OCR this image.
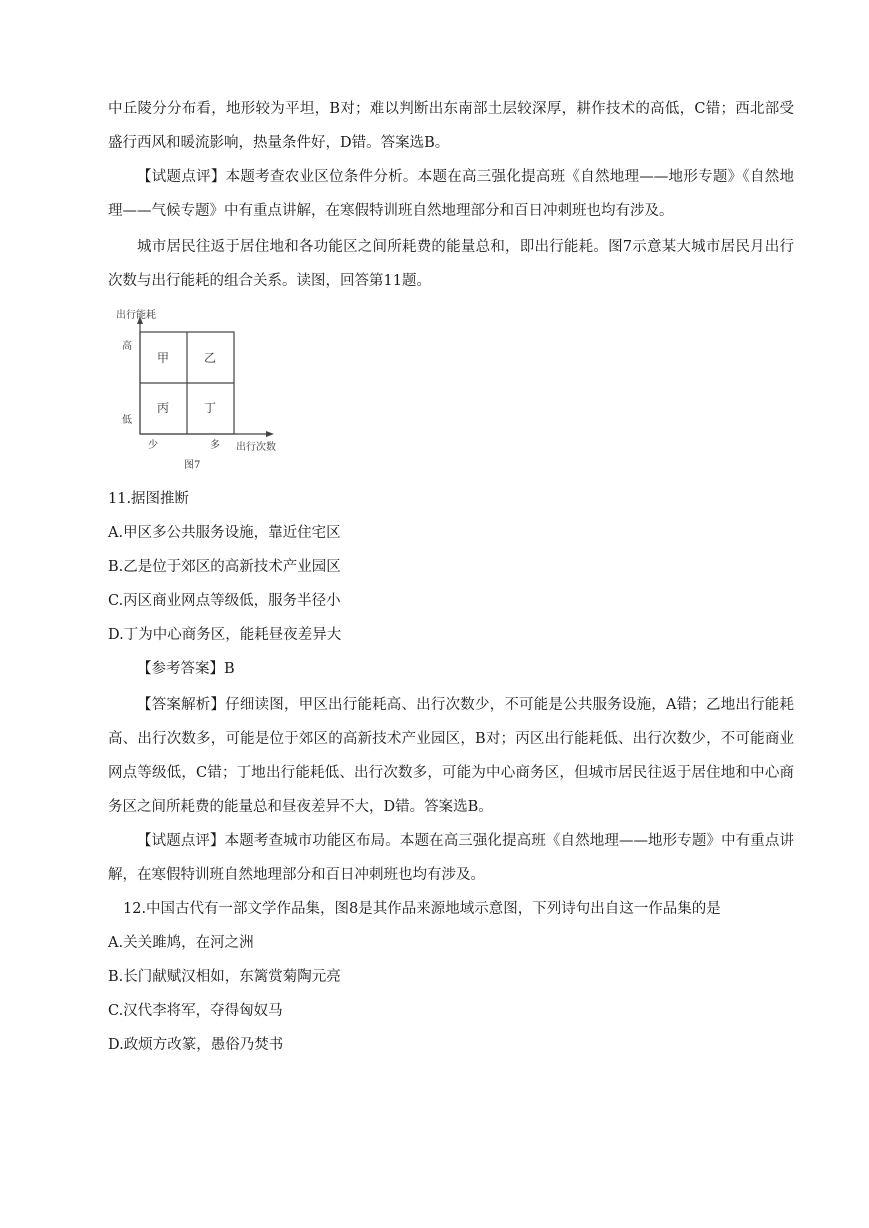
中丘陵分分布看，地形较为平坦，B对；难以判断出东南部土层较深厚，耕作技术的高低，C错；西北部受盛行西风和暖流影响，热量条件好，D错。答案选B。

【试题点评】本题考查农业区位条件分析。本题在高三强化提高班《自然地理——地形专题》《自然地理——气候专题》中有重点讲解，在寒假特训班自然地理部分和百日冲刺班也均有涉及。

城市居民往返于居住地和各功能区之间所耗费的能量总和，即出行能耗。图7示意某大城市居民月出行次数与出行能耗的组合关系。读图，回答第11题。

出行能耗
高
低
甲	乙
丙	丁
少	多 出行次数
图7

11.据图推断

A.甲区多公共服务设施，靠近住宅区

B.乙是位于郊区的高新技术产业园区

C.丙区商业网点等级低，服务半径小

D.丁为中心商务区，能耗昼夜差异大

【参考答案】B

【答案解析】仔细读图，甲区出行能耗高、出行次数少，不可能是公共服务设施，A错；乙地出行能耗高、出行次数多，可能是位于郊区的高新技术产业园区，B对；丙区出行能耗低、出行次数少，不可能商业网点等级低，C错；丁地出行能耗低、出行次数多，可能为中心商务区，但城市居民往返于居住地和中心商务区之间所耗费的能量总和昼夜差异不大，D错。答案选B。

【试题点评】本题考查城市功能区布局。本题在高三强化提高班《自然地理——地形专题》中有重点讲解，在寒假特训班自然地理部分和百日冲刺班也均有涉及。

12.中国古代有一部文学作品集，图8是其作品来源地域示意图，下列诗句出自这一作品集的是

A.关关雎鸠，在河之洲

B.长门献赋汉相如，东篱赏菊陶元亮

C.汉代李将军，夺得匈奴马

D.政烦方改篆，愚俗乃焚书
